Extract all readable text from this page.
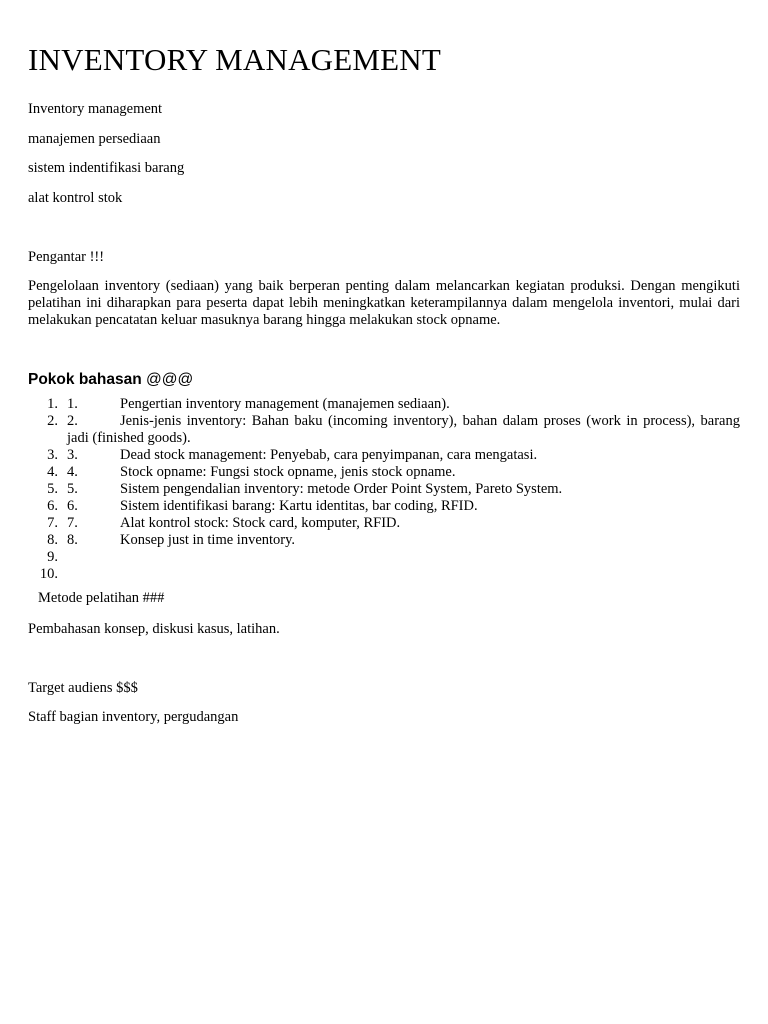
INVENTORY MANAGEMENT

Inventory management

manajemen persediaan

sistem indentifikasi barang

alat kontrol stok

Pengantar !!!

Pengelolaan inventory (sediaan) yang baik berperan penting dalam melancarkan kegiatan produksi. Dengan mengikuti pelatihan ini diharapkan para peserta dapat lebih meningkatkan keterampilannya dalam mengelola inventori, mulai dari melakukan pencatatan keluar masuknya barang hingga melakukan stock opname.

Pokok bahasan @@@

1. 1.	Pengertian inventory management (manajemen sediaan).
2. 2.	Jenis-jenis inventory: Bahan baku (incoming inventory), bahan dalam proses (work in process), barang jadi (finished goods).
3. 3.	Dead stock management: Penyebab, cara penyimpanan, cara mengatasi.
4. 4.	Stock opname: Fungsi stock opname, jenis stock opname.
5. 5.	Sistem pengendalian inventory: metode Order Point System, Pareto System.
6. 6.	Sistem identifikasi barang: Kartu identitas, bar coding, RFID.
7. 7.	Alat kontrol stock: Stock card, komputer, RFID.
8. 8.	Konsep just in time inventory.
9.
10.

Metode pelatihan ###

Pembahasan konsep, diskusi kasus, latihan.

Target audiens $$$

Staff bagian inventory, pergudangan
